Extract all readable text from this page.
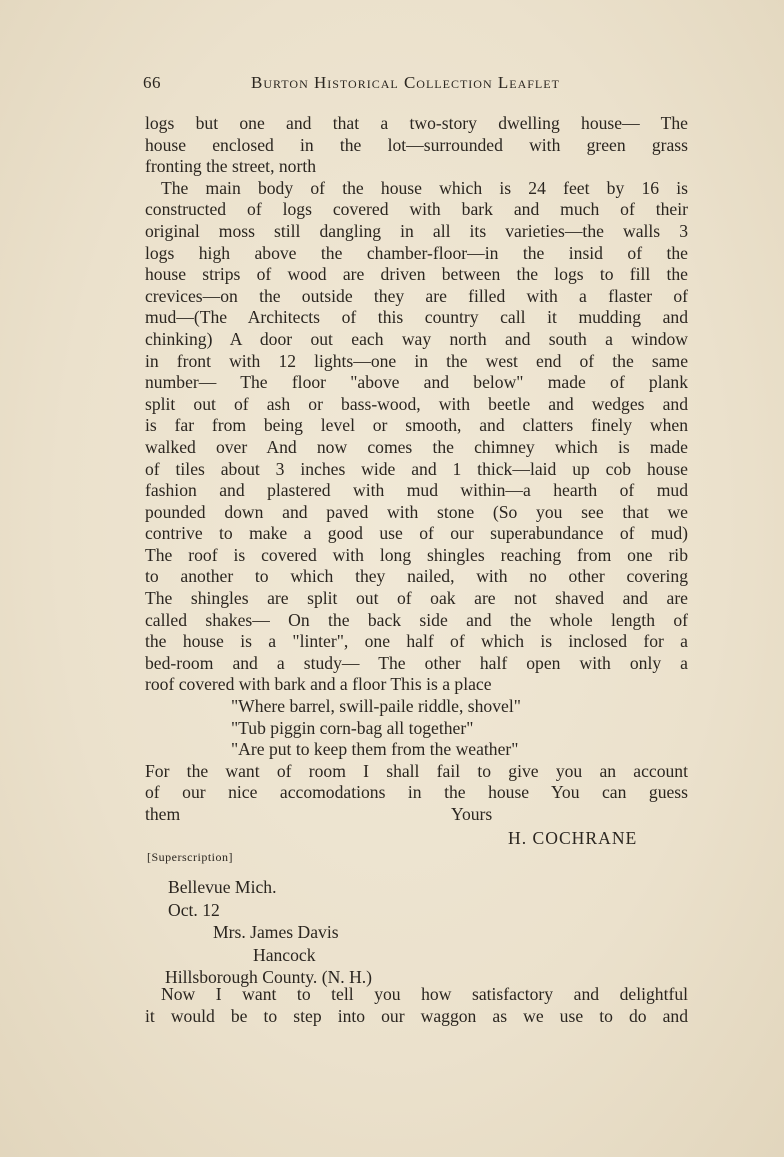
66	Burton Historical Collection Leaflet
logs but one and that a two-story dwelling house— The
house enclosed in the lot—surrounded with green grass
fronting the street, north
The main body of the house which is 24 feet by 16 is
constructed of logs covered with bark and much of their
original moss still dangling in all its varieties—the walls 3
logs high above the chamber-floor—in the insid of the
house strips of wood are driven between the logs to fill the
crevices—on the outside they are filled with a flaster of
mud—(The Architects of this country call it mudding and
chinking) A door out each way north and south a window
in front with 12 lights—one in the west end of the same
number— The floor "above and below" made of plank
split out of ash or bass-wood, with beetle and wedges and
is far from being level or smooth, and clatters finely when
walked over And now comes the chimney which is made
of tiles about 3 inches wide and 1 thick—laid up cob house
fashion and plastered with mud within—a hearth of mud
pounded down and paved with stone (So you see that we
contrive to make a good use of our superabundance of mud)
The roof is covered with long shingles reaching from one rib
to another to which they nailed, with no other covering
The shingles are split out of oak are not shaved and are
called shakes— On the back side and the whole length of
the house is a "linter", one half of which is inclosed for a
bed-room and a study— The other half open with only a
roof covered with bark and a floor This is a place
"Where barrel, swill-paile riddle, shovel"
"Tub piggin corn-bag all together"
"Are put to keep them from the weather"
For the want of room I shall fail to give you an account
of our nice accomodations in the house You can guess
them	Yours
H. COCHRANE
[Superscription]
Bellevue Mich.
Oct. 12
Mrs. James Davis
Hancock
Hillsborough County. (N. H.)
Now I want to tell you how satisfactory and delightful
it would be to step into our waggon as we use to do and
